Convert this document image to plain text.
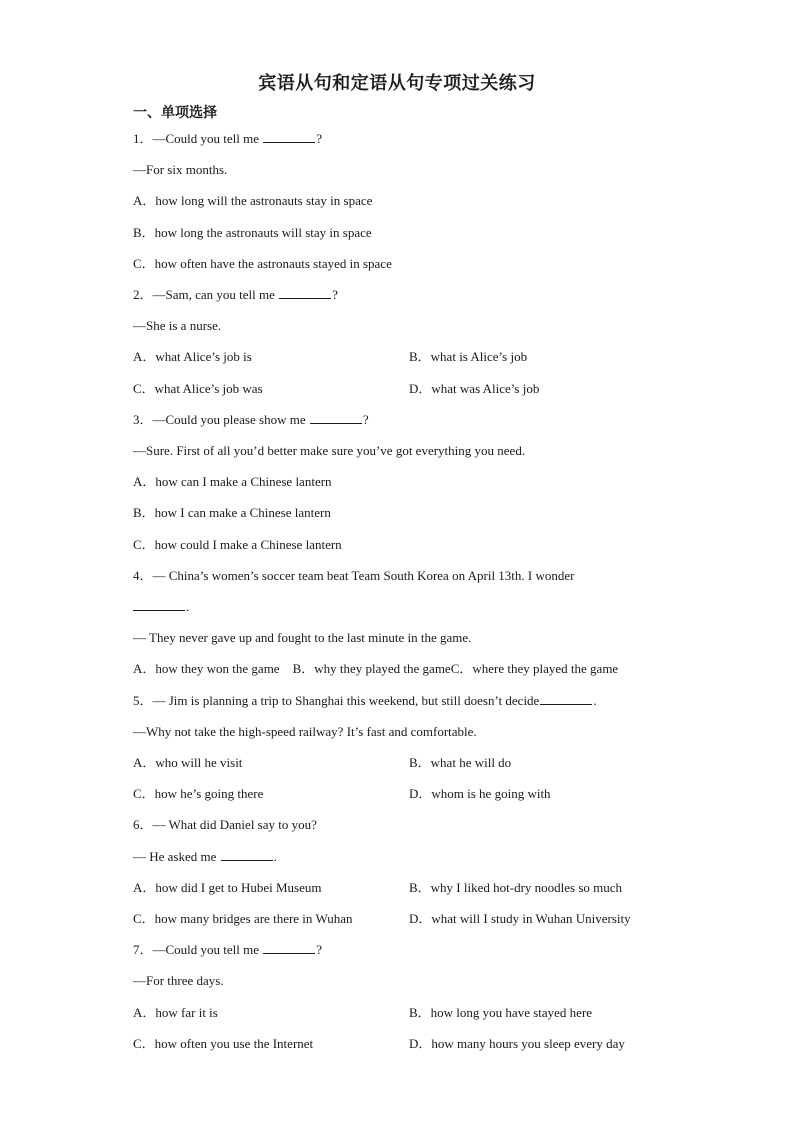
宾语从句和定语从句专项过关练习
一、单项选择
1．—Could you tell me	?
—For six months.
A．how long will the astronauts stay in space
B．how long the astronauts will stay in space
C．how often have the astronauts stayed in space
2．—Sam, can you tell me	?
—She is a nurse.
A．what Alice’s job is	B．what is Alice’s job
C．what Alice’s job was	D．what was Alice’s job
3．—Could you please show me	?
—Sure. First of all you’d better make sure you’ve got everything you need.
A．how can I make a Chinese lantern
B．how I can make a Chinese lantern
C．how could I make a Chinese lantern
4．— China’s women’s soccer team beat Team South Korea on April 13th. I wonder
.
— They never gave up and fought to the last minute in the game.
A．how they won the game　B．why they played the gameC．where they played the game
5．— Jim is planning a trip to Shanghai this weekend, but still doesn’t decide	.
—Why not take the high-speed railway? It’s fast and comfortable.
A．who will he visit	B．what he will do
C．how he’s going there	D．whom is he going with
6．— What did Daniel say to you?
— He asked me	.
A．how did I get to Hubei Museum	B．why I liked hot-dry noodles so much
C．how many bridges are there in Wuhan	D．what will I study in Wuhan University
7．—Could you tell me	?
—For three days.
A．how far it is	B．how long you have stayed here
C．how often you use the Internet	D．how many hours you sleep every day
